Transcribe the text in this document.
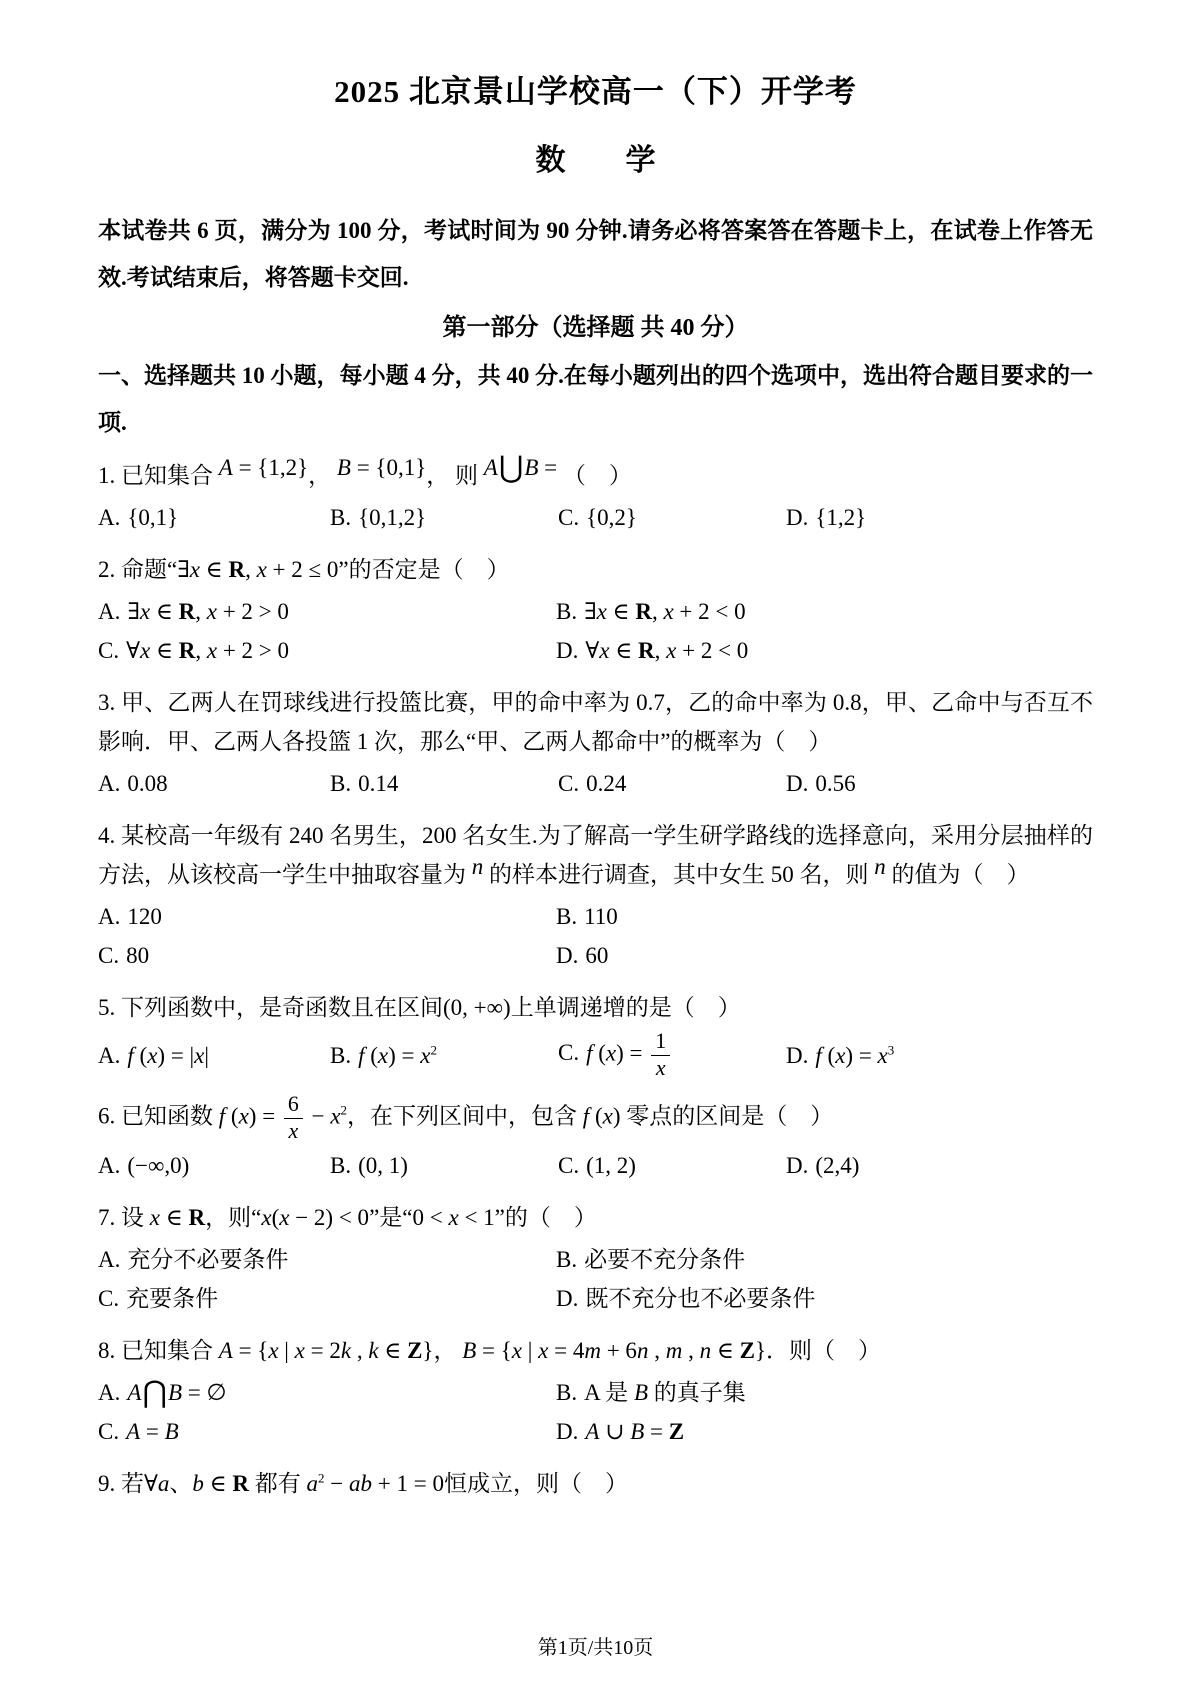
2025 北京景山学校高一（下）开学考
数　　学

本试卷共 6 页，满分为 100 分，考试时间为 90 分钟.请务必将答案答在答题卡上，在试卷上作答无效.考试结束后，将答题卡交回.

第一部分（选择题 共 40 分）

一、选择题共 10 小题，每小题 4 分，共 40 分.在每小题列出的四个选项中，选出符合题目要求的一项.

1. 已知集合 A = {1,2}， B = {0,1}， 则 A⋃B = （　）
A. {0,1}	B. {0,1,2}	C. {0,2}	D. {1,2}
2. 命题“∃x ∈ R, x + 2 ≤ 0”的否定是（　）
A. ∃x ∈ R, x + 2 > 0	B. ∃x ∈ R, x + 2 < 0
C. ∀x ∈ R, x + 2 > 0	D. ∀x ∈ R, x + 2 < 0
3. 甲、乙两人在罚球线进行投篮比赛，甲的命中率为 0.7，乙的命中率为 0.8，甲、乙命中与否互不影响．甲、乙两人各投篮 1 次，那么“甲、乙两人都命中”的概率为（　）
A. 0.08	B. 0.14	C. 0.24	D. 0.56
4. 某校高一年级有 240 名男生，200 名女生.为了解高一学生研学路线的选择意向，采用分层抽样的方法，从该校高一学生中抽取容量为 n 的样本进行调查，其中女生 50 名，则 n 的值为（　）
A. 120	B. 110
C. 80	D. 60
5. 下列函数中，是奇函数且在区间(0, +∞)上单调递增的是（　）
A. f (x) = |x|	B. f $(x) = x^2$	C. f $(x) = \frac{1}{x}$	D. f $(x) = x^3$
6. 已知函数 f $(x) = \frac{6}{x} - x^2$，在下列区间中，包含 f (x) 零点的区间是（　）
A. (−∞,0)	B. (0, 1)	C. (1, 2)	D. (2,4)
7. 设 x ∈ R，则“x(x − 2) < 0”是“0 < x < 1”的（　）
A. 充分不必要条件	B. 必要不充分条件
C. 充要条件	D. 既不充分也不必要条件
8. 已知集合 A = {x | x = 2k , k ∈ Z}， B = {x | x = 4m + 6n , m , n ∈ Z}．则（　）
A. A⋂B = ∅	B. A 是 B 的真子集
C. A = B	D. A ∪ B = Z
9. 若∀a、b ∈ R 都有 $a^2$ − ab + 1 = 0恒成立，则（　）
第1页/共10页
